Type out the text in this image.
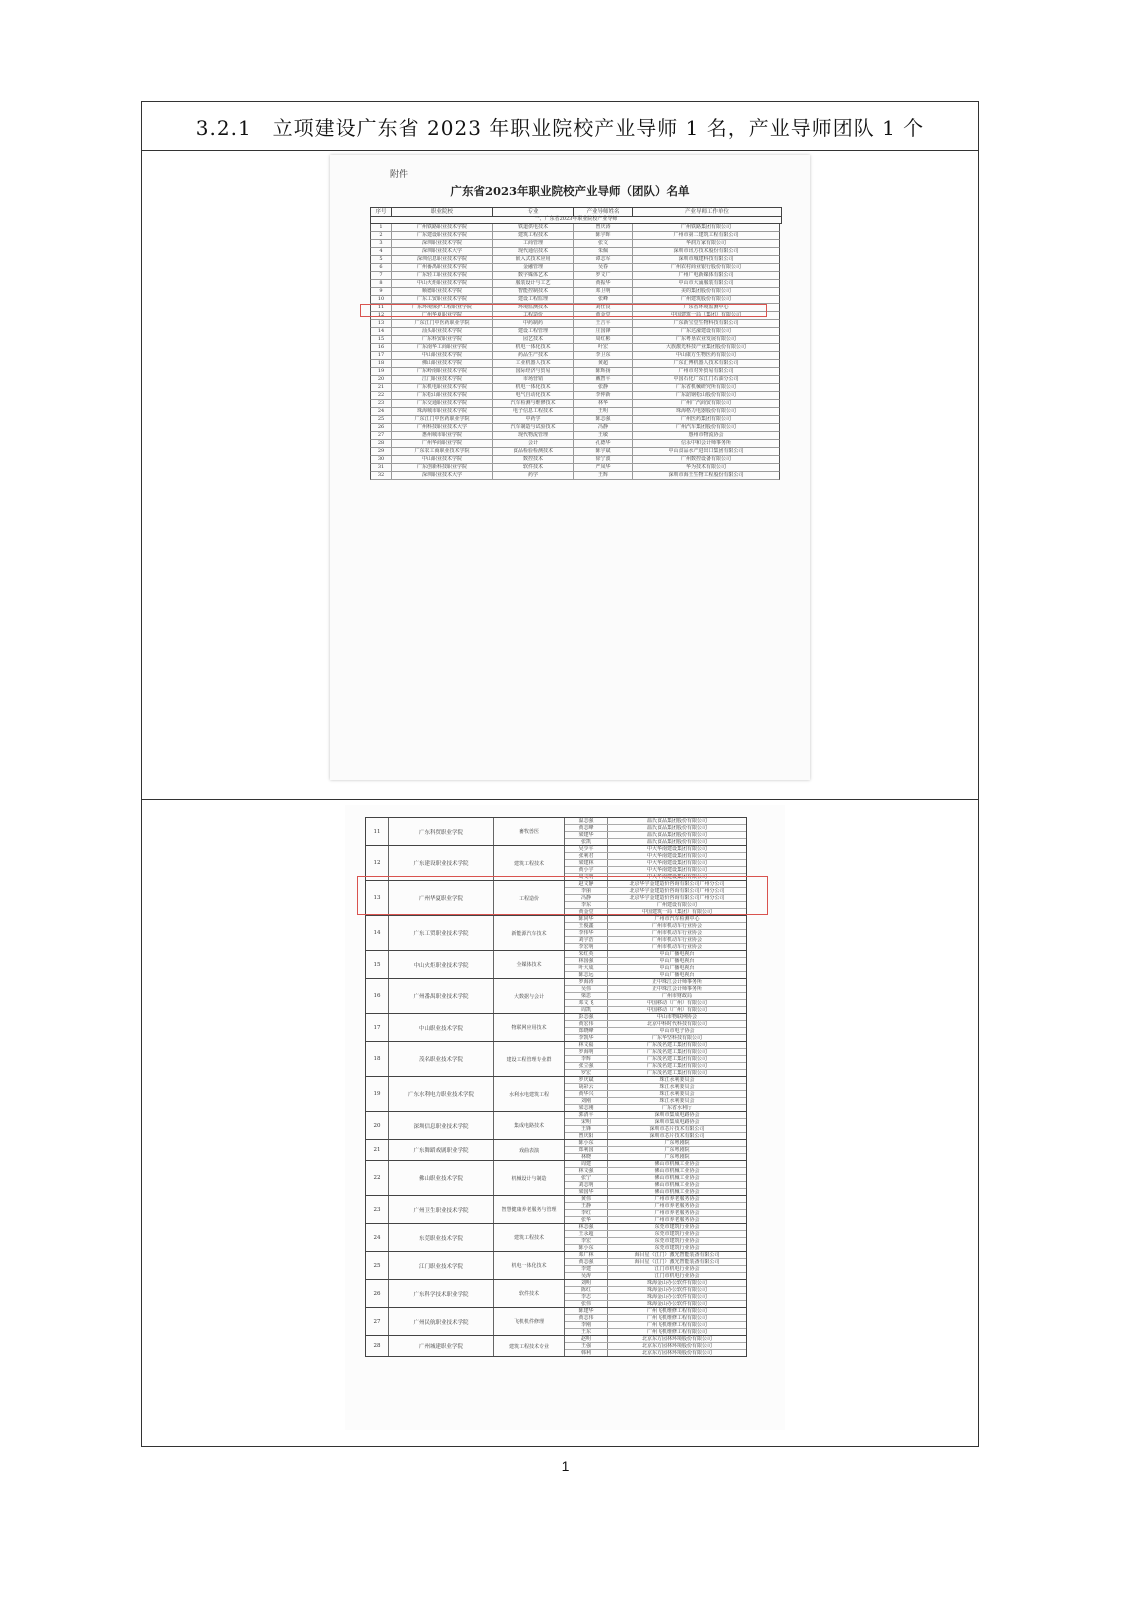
3.2.1　立项建设广东省 2023 年职业院校产业导师 1 名，产业导师团队 1 个
附件
广东省2023年职业院校产业导师（团队）名单
序号	职业院校	专业	产业导师姓名	产业导师工作单位
一、广东省2023年职业院校产业导师
1	广州铁路职业技术学院	铁道供电技术	曾庆涛	广州铁路集团有限公司
2	广东建设职业技术学院	建筑工程技术	陈宇晖	广州市第二建筑工程有限公司
3	深圳职业技术学院	工商管理	张文	华润万家有限公司
4	深圳职业技术大学	现代通信技术	朱佩	深圳市讯方技术股份有限公司
5	深圳信息职业技术学院	嵌入式技术应用	谭志军	深圳市城建科技有限公司
6	广州番禺职业技术学院	金融管理	吴春	广州农村商业银行股份有限公司
7	广东轻工职业技术学院	数字媒体艺术	罗文广	广州广电新媒体有限公司
8	中山火炬职业技术学院	服装设计与工艺	黄振华	中山市大涌服装有限公司
9	顺德职业技术学院	智能控制技术	邓卫明	美的集团股份有限公司
10	广东工贸职业技术学院	建设工程监理	张峰	广州建筑股份有限公司
11	广东环境保护工程职业学院	环境监测技术	刘仕良	广东省环境监测中心
12	广州华夏职业学院	工程造价	黄金堂	中国建筑一局（集团）有限公司
13	广东江门中医药职业学院	中药制药	王吉平	广东新宝堂生物科技有限公司
14	汕头职业技术学院	建设工程管理	庄国锋	广东达濠建设有限公司
15	广东科贸职业学院	园艺技术	周红彬	广东粤垦农业发展有限公司
16	广东南华工商职业学院	机电一体化技术	叶宏	大族激光科技产业集团股份有限公司
17	中山职业技术学院	药品生产技术	李卫东	中山康方生物医药有限公司
18	佛山职业技术学院	工业机器人技术	黄超	广东汇博机器人技术有限公司
19	广东岭南职业技术学院	国际经济与贸易	陈辉扬	广州市对外贸易有限公司
20	江门职业技术学院	市场营销	戴智平	中国石化广东江门石油分公司
21	广东机电职业技术学院	机电一体化技术	张静	广东省机械研究所有限公司
22	广东松山职业技术学院	电气自动化技术	李仲新	广东韶钢松山股份有限公司
23	广东交通职业技术学院	汽车检测与维修技术	林华	广州广汽商贸有限公司
24	珠海城市职业技术学院	电子信息工程技术	王明	珠海格力电器股份有限公司
25	广东江门中医药职业学院	中药学	陈志强	广州医药集团有限公司
26	广州科技职业技术大学	汽车制造与试验技术	冯静	广州汽车集团股份有限公司
27	惠州城市职业学院	现代物流管理	王敏	惠州市物流协会
28	广州华商职业学院	会计	孔德华	信永中和会计师事务所
29	广东农工商职业技术学院	食品检验检测技术	陈宇斌	中山食品水产进出口集团有限公司
30	中山职业技术学院	数控技术	徐宁波	广州数控设备有限公司
31	广东创新科技职业学院	软件技术	严凤华	华为技术有限公司
32	深圳职业技术大学	药学	王辉	深圳市海王生物工程股份有限公司
11	广东科贸职业学院	畜牧兽医
温志强	温氏食品集团股份有限公司
黄志峰	温氏食品集团股份有限公司
梁建华	温氏食品集团股份有限公司
张凯	温氏食品集团股份有限公司
12	广东建设职业技术学院	建筑工程技术
吴少平	中大华南建设集团有限公司
张利君	中大华南建设集团有限公司
梁建林	中大华南建设集团有限公司
黄小宇	中大华南建设集团有限公司
周文明	中大华南建设集团有限公司
13	广州华夏职业学院	工程造价
赵文静	北京华宇金建造价咨询有限公司广州分公司
李丽	北京华宇金建造价咨询有限公司广州分公司
冯静	北京华宇金建造价咨询有限公司广州分公司
李东	广州建设有限公司
黄金堂	中国建筑一局（集团）有限公司
14	广东工贸职业技术学院	新能源汽车技术
陈同华	广州市汽车检测中心
王俊鑫	广州市机动车行业协会
李伟华	广州市机动车行业协会
刘宇浩	广州市机动车行业协会
李宏明	广州市机动车行业协会
15	中山火炬职业技术学院	全媒体技术
朱红英	中山广播电视台
林国强	中山广播电视台
叶大成	中山广播电视台
陈志远	中山广播电视台
16	广州番禺职业技术学院	大数据与会计
罗海涛	正中珠江会计师事务所
吴伟	正中珠江会计师事务所
梁思	广州市财政局
邓文飞	中国移动（广州）有限公司
周凯	中国移动（广州）有限公司
17	中山职业技术学院	物联网应用技术
彭志强	中山市物联网协会
黄宏伟	北京中科时代科技有限公司
郑晓峰	中山市电子协会
李凯华	广东华坚科技有限公司
18	茂名职业技术学院	建设工程管理专业群
林文福	广东茂名建工集团有限公司
罗海明	广东茂名建工集团有限公司
李辉	广东茂名建工集团有限公司
张立强	广东茂名建工集团有限公司
罗宏	广东茂名建工集团有限公司
19	广东水利电力职业技术学院	水利水电建筑工程
罗庆斌	珠江水利委员会
胡彩云	珠江水利委员会
黄华兴	珠江水利委员会
刘刚	珠江水利委员会
梁志刚	广东省水利厅
20	深圳信息职业技术学院	集成电路技术
郭清平	深圳市集成电路协会
宋明	深圳市集成电路协会
王锋	深圳市芯片技术有限公司
曾庆阳	深圳市芯片技术有限公司
21	广东舞蹈戏剧职业学院	戏曲表演
陈小东	广东粤剧院
郑利国	广东粤剧院
林晓	广东粤剧院
22	佛山职业技术学院	机械设计与制造
周建	佛山市机械工业协会
林文强	佛山市机械工业协会
张宁	佛山市机械工业协会
刘志明	佛山市机械工业协会
梁国华	佛山市机械工业协会
23	广州卫生职业技术学院	智慧健康养老服务与管理
黄伟	广州市养老服务协会
王静	广州市养老服务协会
李红	广州市养老服务协会
张华	广州市养老服务协会
24	东莞职业技术学院	建筑工程技术
林志强	东莞市建筑行业协会
王永超	东莞市建筑行业协会
李宏	东莞市建筑行业协会
陈小东	东莞市建筑行业协会
25	江门职业技术学院	机电一体化技术
邓广林	海目星（江门）激光智能装备有限公司
黄志强	海目星（江门）激光智能装备有限公司
李建	江门市机电行业协会
吴涛	江门市机电行业协会
26	广东科学技术职业学院	软件技术
刘明	珠海金山办公软件有限公司
陈红	珠海金山办公软件有限公司
李志	珠海金山办公软件有限公司
张伟	珠海金山办公软件有限公司
27	广州民航职业技术学院	飞机机件修理
陈建华	广州飞机维修工程有限公司
黄志伟	广州飞机维修工程有限公司
李刚	广州飞机维修工程有限公司
王东	广州飞机维修工程有限公司
28	广州城建职业学院	建筑工程技术专业
赵明	北京东方园林环境股份有限公司
王强	北京东方园林环境股份有限公司
韩利	北京东方园林环境股份有限公司
1
